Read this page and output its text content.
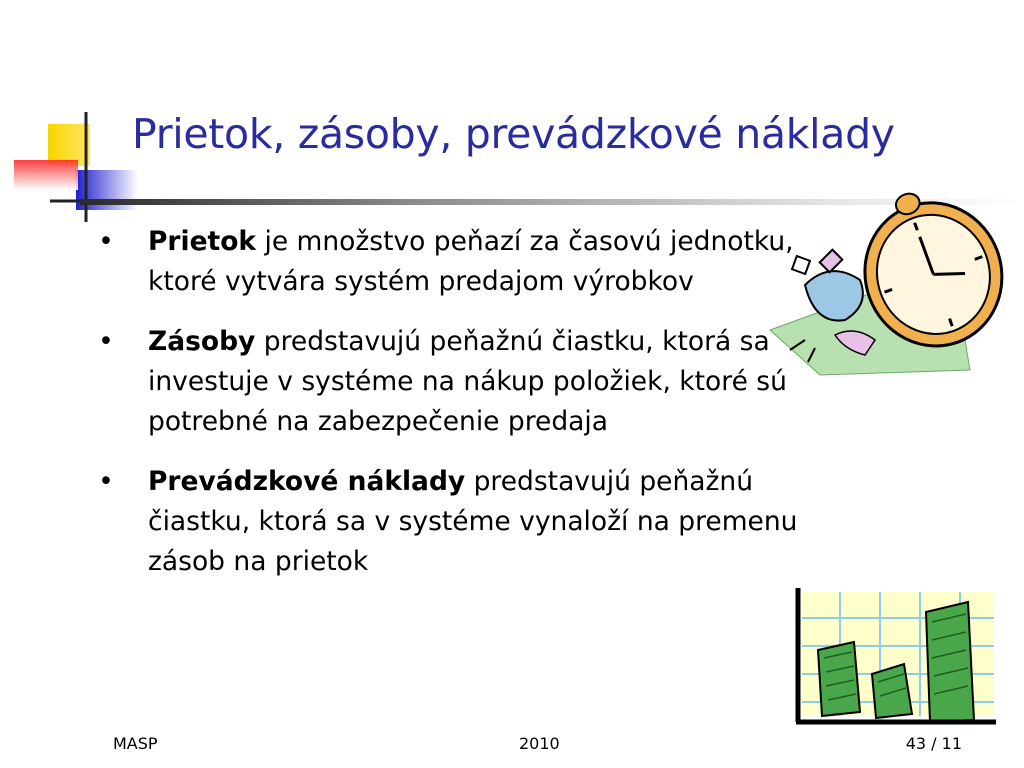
Prietok, zásoby, prevádzkové náklady
• Prietok je množstvo peňazí za časovú jednotku, ktoré vytvára systém predajom výrobkov
• Zásoby predstavujú peňažnú čiastku, ktorá sa investuje v systéme na nákup položiek, ktoré sú potrebné na zabezpečenie predaja
• Prevádzkové náklady predstavujú peňažnú čiastku, ktorá sa v systéme vynaloží na premenu zásob na prietok
MASP	2010	43 / 11
